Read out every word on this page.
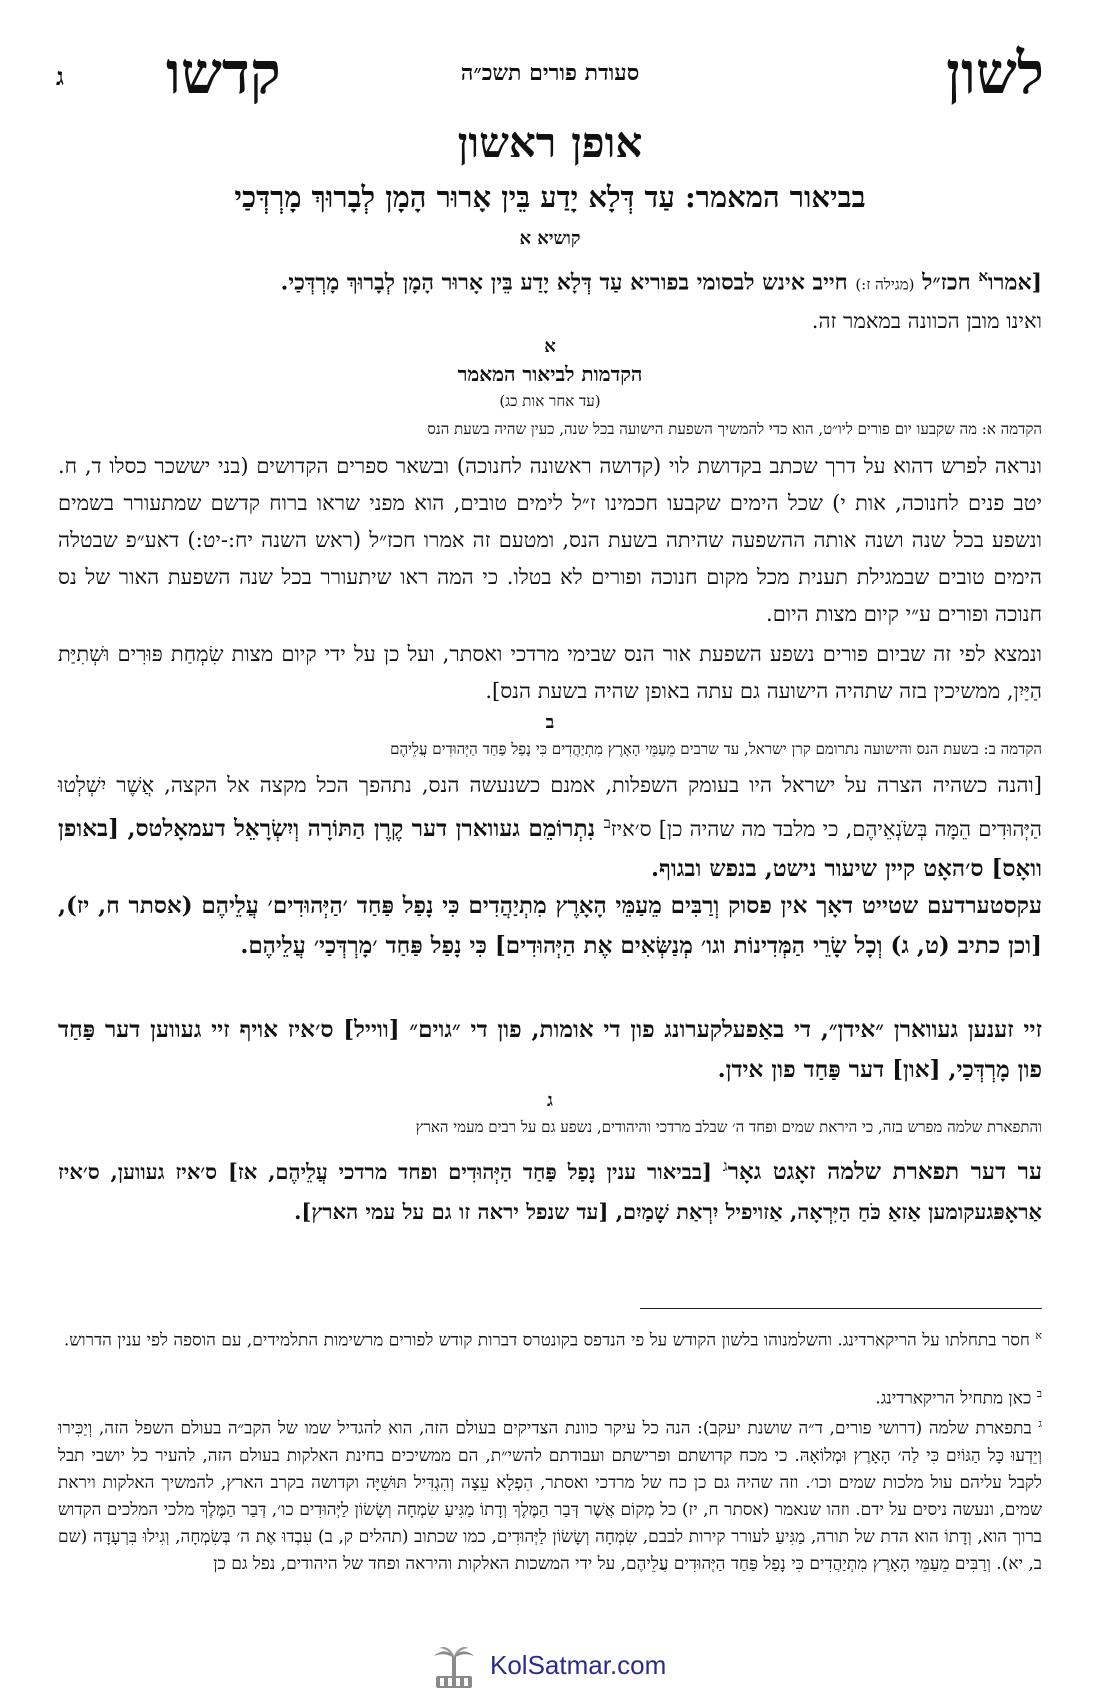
לשון
סעודת פורים תשכ״ה
קדשו
ג
אופן ראשון
בביאור המאמר: עַד דְּלָא יָדַע בֵּין אָרוּר הָמָן לְבָרוּךְ מָרְדְּכַי
קושיא א
[אמרו$^א$ חכז״ל (מגילה ז:) חייב אינש לבסומי בפוריא עַד דְּלָא יָדַע בֵּין אָרוּר הָמָן לְבָרוּךְ מָרְדְּכַי.
ואינו מובן הכוונה במאמר זה.
א
הקדמות לביאור המאמר
(עד אחר אות כג)
הקדמה א: מה שקבעו יום פורים ליו״ט, הוא כדי להמשיך השפעת הישועה בכל שנה, כעין שהיה בשעת הנס
ונראה לפרש דהוא על דרך שכתב בקדושת לוי (קדושה ראשונה לחנוכה) ובשאר ספרים הקדושים (בני יששכר כסלו ד, ח. יטב פנים לחנוכה, אות י) שכל הימים שקבעו חכמינו ז״ל לימים טובים, הוא מפני שראו ברוח קדשם שמתעורר בשמים ונשפע בכל שנה ושנה אותה ההשפעה שהיתה בשעת הנס, ומטעם זה אמרו חכז״ל (ראש השנה יח:-יט:) דאע״פ שבטלה הימים טובים שבמגילת תענית מכל מקום חנוכה ופורים לא בטלו. כי המה ראו שיתעורר בכל שנה השפעת האור של נס חנוכה ופורים ע״י קיום מצות היום.
ונמצא לפי זה שביום פורים נשפע השפעת אור הנס שבימי מרדכי ואסתר, ועל כן על ידי קיום מצות שִׂמְחַת פּוּרִים וּשְׁתִיַּת הַיַּיִן, ממשיכין בזה שתהיה הישועה גם עתה באופן שהיה בשעת הנס].
ב
הקדמה ב: בשעת הנס והישועה נתרומם קרן ישראל, עד שרבים מֵעַמֵּי הָאָרֶץ מִתְיַהֲדִים כִּי נָפַל פַּחַד הַיְּהוּדִים עֲלֵיהֶם
[והנה כשהיה הצרה על ישראל היו בעומק השפלות, אמנם כשנעשה הנס, נתהפך הכל מקצה אל הקצה, אֲשֶׁר יִשְׁלְטוּ הַיְּהוּדִים הֵמָּה בְּשֹׂנְאֵיהֶם, כי מלבד מה שהיה כן] ס׳איז$^ב$ נִתְרוֹמֵם געווארן דער קֶרֶן הַתּוֹרָה וְיִשְׂרָאֵל דעמאָלטס, [באופן וואָס] ס׳האָט קיין שיעור נישט, בנפש ובגוף.
עקסטערדעם שטייט דאָך אין פסוק וְרַבִּים מֵעַמֵּי הָאָרֶץ מִתְיַהֲדִים כִּי נָפַל פַּחַד ׳הַיְּהוּדִים׳ עֲלֵיהֶם (אסתר ח, יז), [וכן כתיב (ט, ג) וְכָל שָׂרֵי הַמְּדִינוֹת וגו׳ מְנַשְּׂאִים אֶת הַיְּהוּדִים] כִּי נָפַל פַּחַד ׳מָרְדְּכַי׳ עֲלֵיהֶם.
זיי זענען געווארן ״אידן״, די באַפעלקערונג פון די אומות, פון די ״גוים״ [ווייל] ס׳איז אויף זיי געווען דער פַּחַד פון מָרְדְּכַי, [און] דער פַּחַד פון אידן.
ג
והתפארת שלמה מפרש בזה, כי היראת שמים ופחד ה׳ שבלב מרדכי והיהודים, נשפע גם על רבים מעמי הארץ
ער דער תפארת שלמה זאָגט גאָר$^ג$ [בביאור ענין נָפַל פַּחַד הַיְּהוּדִים ופחד מרדכי עֲלֵיהֶם, אז] ס׳איז געווען, ס׳איז אַראָפּגעקומען אַזאַ כֹּחַ הַיִּרְאָה, אַזויפיל יִרְאַת שָׁמַיִם, [עד שנפל יראה זו גם על עמי הארץ].
$^א$ חסר בתחלתו על הריקארדינג. והשלמנוהו בלשון הקודש על פי הנדפס בקונטרס דברות קודש לפורים מרשימות התלמידים, עם הוספה לפי ענין הדרוש.
$^ב$ כאן מתחיל הריקארדינג.
$^ג$ בתפארת שלמה (דרושי פורים, ד״ה שושנת יעקב): הנה כל עיקר כוונת הצדיקים בעולם הזה, הוא להגדיל שמו של הקב״ה בעולם השפל הזה, וְיַכִּירוּ וְיֵדְעוּ כָּל הַגּוֹיִם כִּי לַה׳ הָאָרֶץ וּמְלוֹאָהּ. כי מכח קדושתם ופרישתם ועבודתם להשי״ת, הם ממשיכים בחינת האלקות בעולם הזה, להעיר כל יושבי תבל לקבל עליהם עול מלכות שמים וכו׳. וזה שהיה גם כן כח של מרדכי ואסתר, הִפְלָא עֵצָה וְהִגְדִּיל תּוּשִׁיָּה וקדושה בקרב הארץ, להמשיך האלקות ויראת שמים, ונעשה ניסים על ידם. וזהו שנאמר (אסתר ח, יז) כל מְקוֹם אֲשֶׁר דְּבַר הַמֶּלֶךְ וְדָתוֹ מַגִּיעַ שִׂמְחָה וְשָׂשׂוֹן לַיְּהוּדִים כו׳, דְּבַר הַמֶּלֶךְ מלכי המלכים הקדוש ברוך הוא, וְדָתוֹ הוא הדת של תורה, מַגִּיעַ לעורר קירות לבבם, שִׂמְחָה וְשָׂשׂוֹן לַיְּהוּדִים, כמו שכתוב (תהלים ק, ב) עִבְדוּ אֶת ה׳ בְּשִׂמְחָה, וְגִילוּ בִּרְעָדָה (שם ב, יא). וְרַבִּים מֵעַמֵּי הָאָרֶץ מִתְיַהֲדִים כִּי נָפַל פַּחַד הַיְּהוּדִים עֲלֵיהֶם, על ידי המשכות האלקות והיראה ופחד של היהודים, נפל גם כן
KolSatmar.com
